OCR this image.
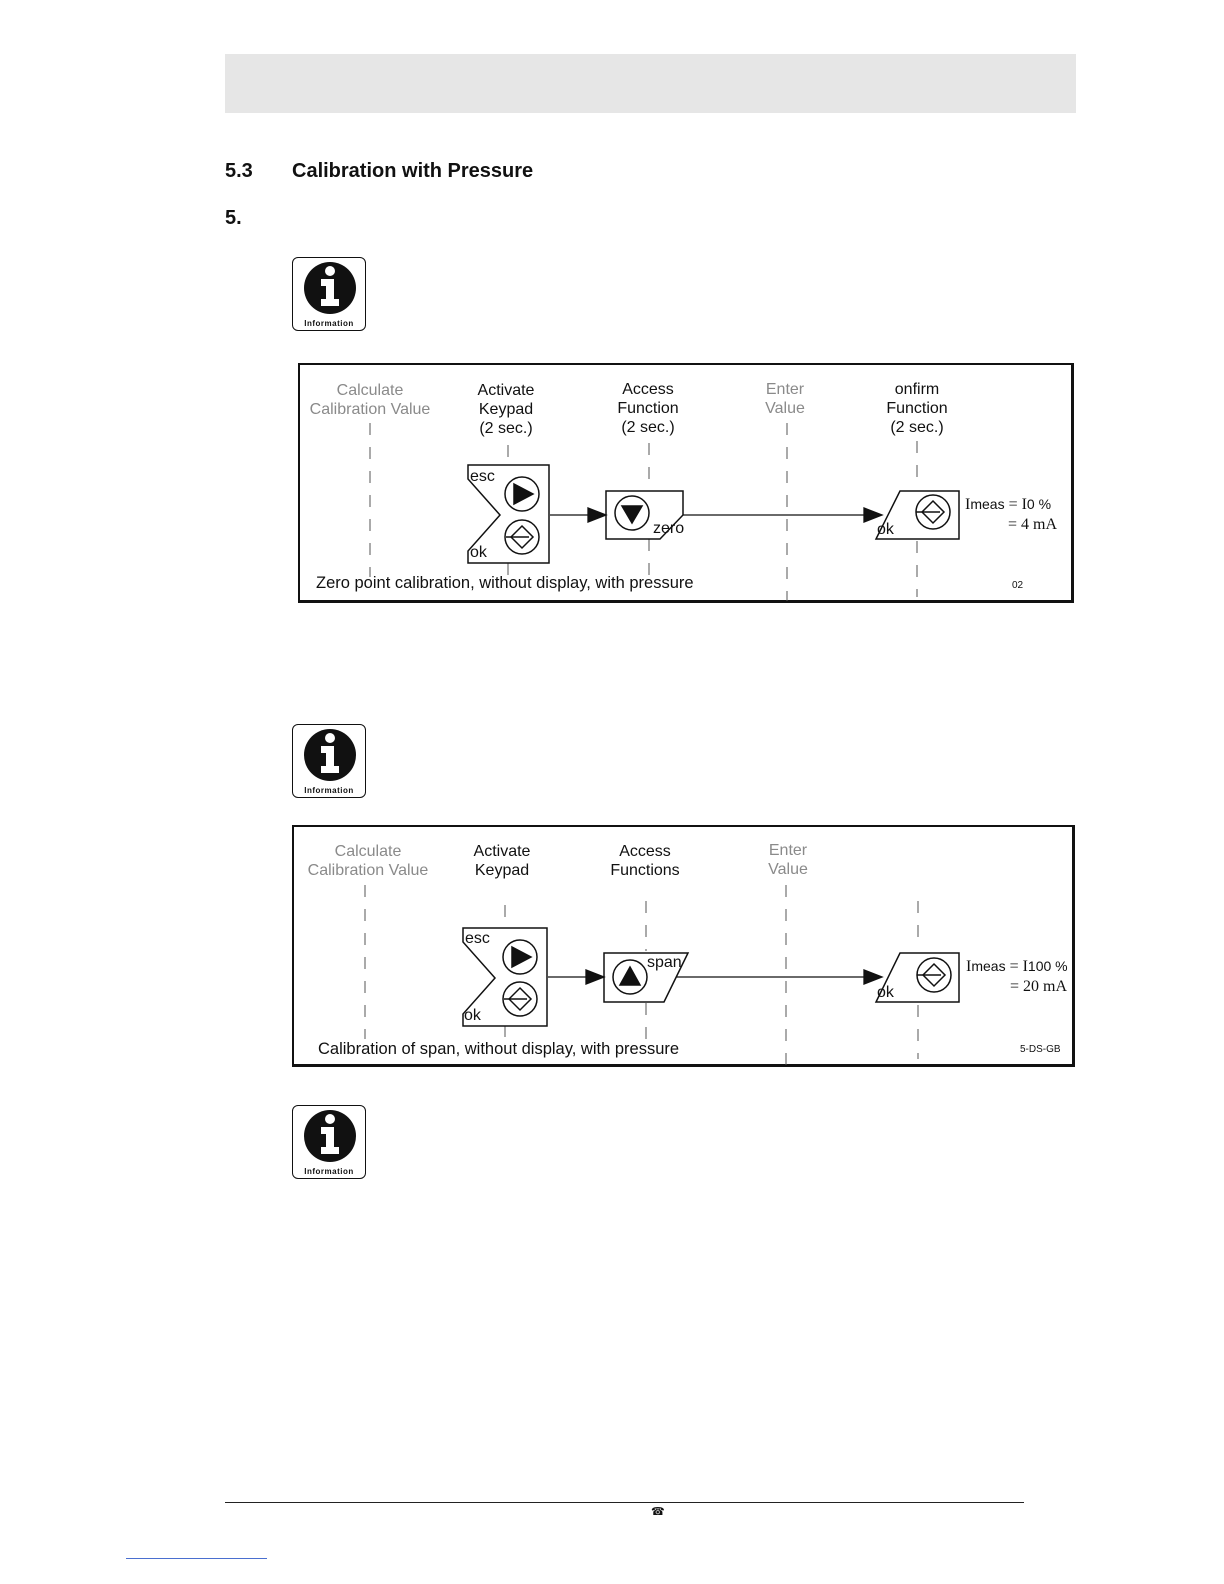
5.3 Calibration with Pressure
5.
Information
Calculate
Calibration Value
Activate
Keypad
(2 sec.)
Access
Function
(2 sec.)
Enter
Value
onfirm
Function
(2 sec.)
esc
ok
zero	ok
Imeas = I0 %
= 4 mA
Zero point calibration, without display, with pressure	02
Information
Calculate
Calibration Value
Activate
Keypad
Access
Functions
Enter
Value
esc
ok
span
ok
Imeas = I100 %
= 20 mA
Calibration of span, without display, with pressure	5-DS-GB
Information
☎
